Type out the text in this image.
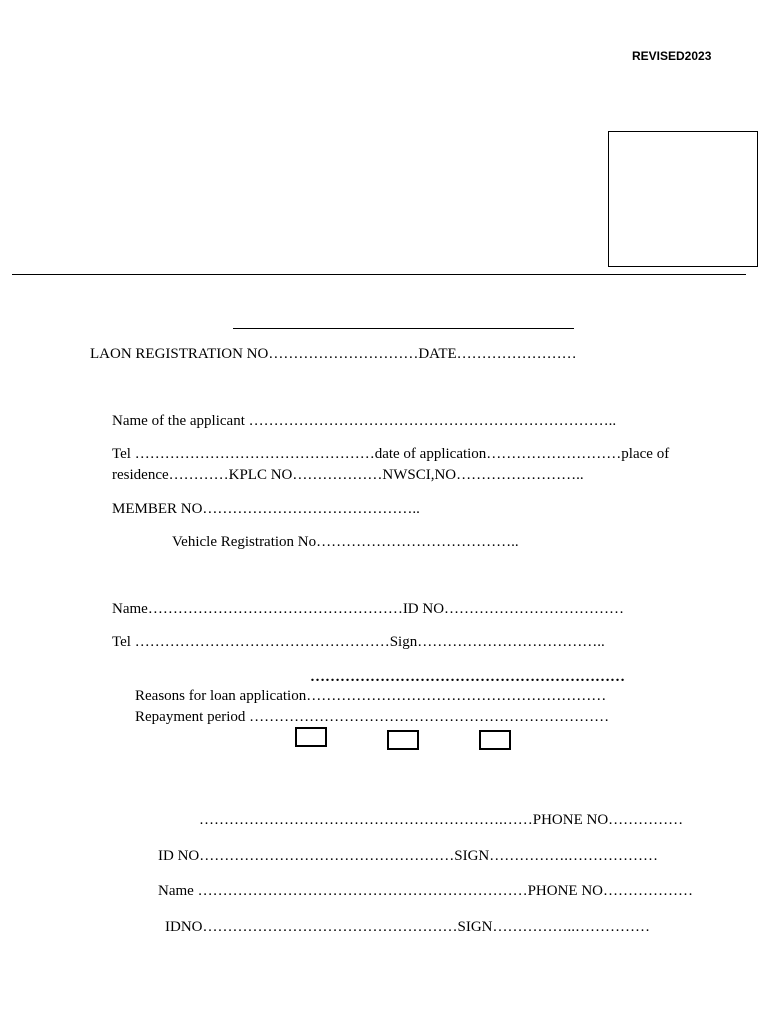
REVISED2023
LAON REGISTRATION NO…………………………DATE……………………
Name of the applicant ………………………………………………………………..
Tel …………………………………………date of application………………………place of
residence…………KPLC NO………………NWSCI,NO……………………..
MEMBER NO……………………………………..
Vehicle Registration No…………………………………..
Name……………………………………………ID NO………………………………
Tel ……………………………………………Sign………………………………..
………………………………………………………
Reasons for loan application……………………………………………………
Repayment period ………………………………………………………………
…………………………………………………….……PHONE NO……………
ID NO……………………………………………SIGN…………….………………
Name …………………………………………………………PHONE NO………………
IDNO……………………………………………SIGN……………..……………
